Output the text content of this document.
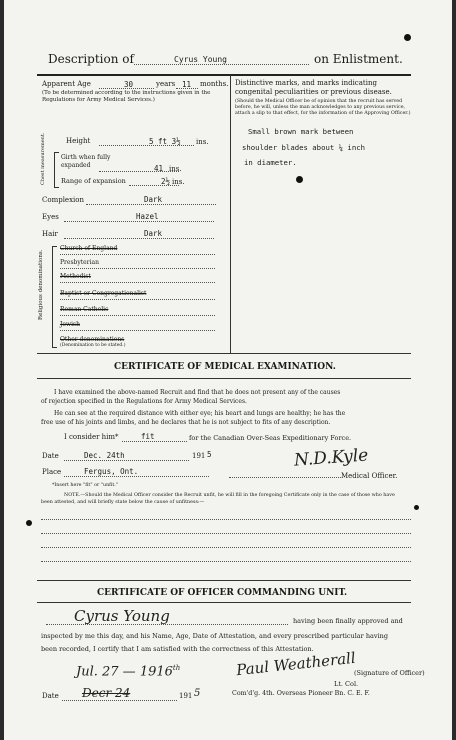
Description of	Cyrus Young	on Enlistment.
Apparent Age	30	years 11 months.
(To be determined according to the instructions given in the Regulations for Army Medical Services.)
Height	5 ft 3½ ins.
Chest measurement.	Girth when fully expanded	41 ins.
Range of expansion	2½ ins.
Complexion	Dark
Eyes	Hazel
Hair	Dark
Religious denominations.
Church of England
Presbyterian
Methodist
Baptist or Congregationalist
Roman Catholic
Jewish
Other denominations
(Denomination to be stated.)
Distinctive marks, and marks indicating congenital peculiarities or previous disease.
(Should the Medical Officer be of opinion that the recruit has served before, he will, unless the man acknowledges to any previous service, attach a slip to that effect, for the information of the Approving Officer.)
Small brown mark between
shoulder blades about ¼ inch
in diameter.
CERTIFICATE OF MEDICAL EXAMINATION.
I have examined the above-named Recruit and find that he does not present any of the causes
of rejection specified in the Regulations for Army Medical Services.
He can see at the required distance with either eye; his heart and lungs are healthy; he has the
free use of his joints and limbs, and he declares that he is not subject to fits of any description.
I consider him*	fit	for the Canadian Over-Seas Expeditionary Force.
Date	Dec. 24th	191 5
Place	Fergus, Ont.
N.D.Kyle
Medical Officer.
*Insert here "fit" or "unfit."
NOTE.—Should the Medical Officer consider the Recruit unfit, he will fill in the foregoing Certificate only in the case of those who have
been attested, and will briefly state below the cause of unfitness:—
CERTIFICATE OF OFFICER COMMANDING UNIT.
Cyrus Young	having been finally approved and
inspected by me this day, and his Name, Age, Date of Attestation, and every prescribed particular having
been recorded, I certify that I am satisfied with the correctness of this Attestation.
Jul. 27 — 1916th	Paul Weatherall
(Signature of Officer)
Lt. Col.
Com'd'g. 4th. Overseas Pioneer Bn. C. E. F.
Date Decr 24	191 5
